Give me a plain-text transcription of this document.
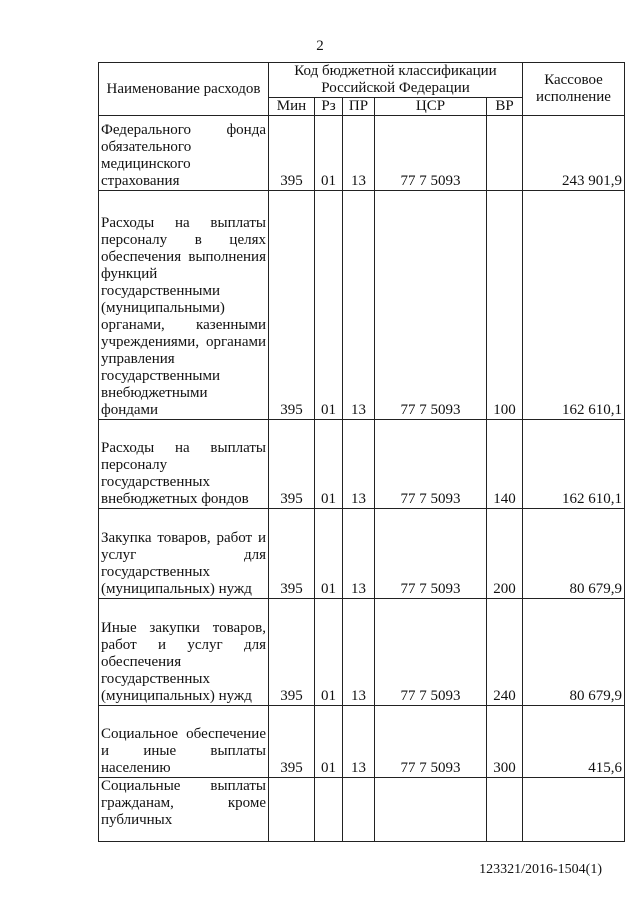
2
Наименование расходов	Код бюджетной классификации Российской Федерации					Кассовое исполнение
	Мин	Рз	ПР	ЦСР	ВР	
Федерального фонда обязательного медицинского страхования	395	01	13	77 7 5093		243 901,9
Расходы на выплаты персоналу в целях обеспечения выполнения функций государственными (муниципальными) органами, казенными учреждениями, органами управления государственными внебюджетными фондами	395	01	13	77 7 5093	100	162 610,1
Расходы на выплаты персоналу государственных внебюджетных фондов	395	01	13	77 7 5093	140	162 610,1
Закупка товаров, работ и услуг для государственных (муниципальных) нужд	395	01	13	77 7 5093	200	80 679,9
Иные закупки товаров, работ и услуг для обеспечения государственных (муниципальных) нужд	395	01	13	77 7 5093	240	80 679,9
Социальное обеспечение и иные выплаты населению	395	01	13	77 7 5093	300	415,6
Социальные выплаты гражданам, кроме публичных						
123321/2016-1504(1)
